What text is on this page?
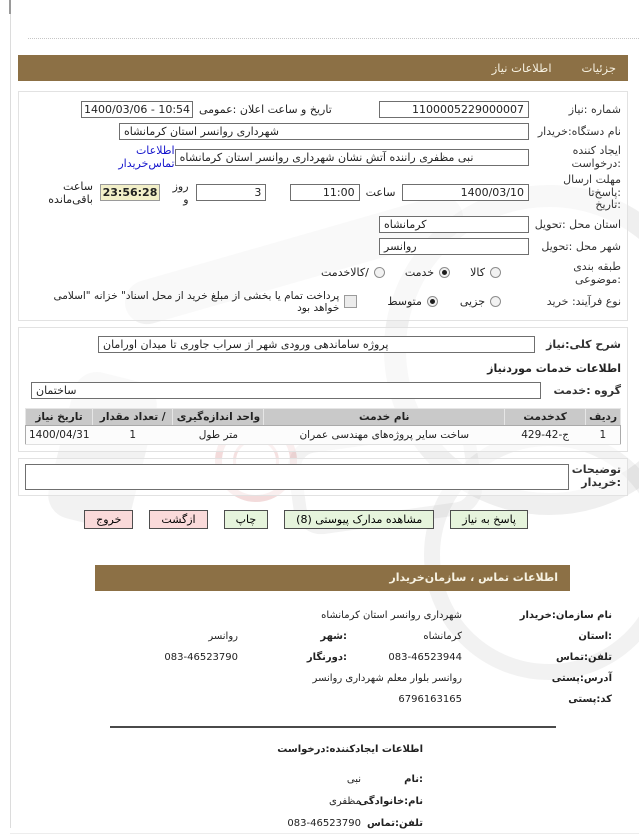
جزئیات
اطلاعات نیاز
شماره :نیاز
1100005229000007
تاریخ و ساعت اعلان :عمومی
1400/03/06 - 10:54
نام دستگاه:خریدار
شهرداری روانسر استان کرمانشاه
ایجاد کننده :درخواست
نبی مظفری راننده آتش نشان شهرداری روانسر استان کرمانشاه
اطلاعات تماس‌خریدار
مهلت ارسال :پاسخ‌تا
:تاریخ
1400/03/10
ساعت
11:00
3
روز و
23:56:28
ساعت باقی‌مانده
استان محل :تحویل
کرمانشاه
شهر محل :تحویل
روانسر
طبقه بندی :موضوعی
کالا
خدمت
/کالاخدمت
نوع فرآیند: خرید
جزیی
متوسط
پرداخت تمام یا بخشی از مبلغ خرید از محل اسناد" خزانه "اسلامی خواهد بود
شرح کلی:نیاز
پروژه ساماندهی ورودی شهر از سراب جاوری تا میدان اورامان
اطلاعات خدمات موردنیاز
گروه :خدمت
ساختمان
ردیف	کدخدمت	نام خدمت	واحد اندازه‌گیری	/ تعداد مقدار	تاریخ نیاز
1	ج-42-429	ساخت سایر پروژه‌های مهندسی عمران	متر طول	1	1400/04/31
توضیحات
:خریدار
پاسخ به نیاز
مشاهده مدارک پیوستی (8)
چاپ
ازگشت
خروج
اطلاعات تماس ، سازمان‌خریدار
نام سازمان:خریدار
شهرداری روانسر استان کرمانشاه
:استان
کرمانشاه
:شهر
روانسر
تلفن:تماس
083-46523944
:دورنگار
083-46523790
آدرس:پستی
روانسر بلوار معلم شهرداری روانسر
کد:پستی
6796163165
اطلاعات ایجادکننده:درخواست
:نام
نبی
نام:خانوادگی
مظفری
تلفن:تماس
083-46523790
